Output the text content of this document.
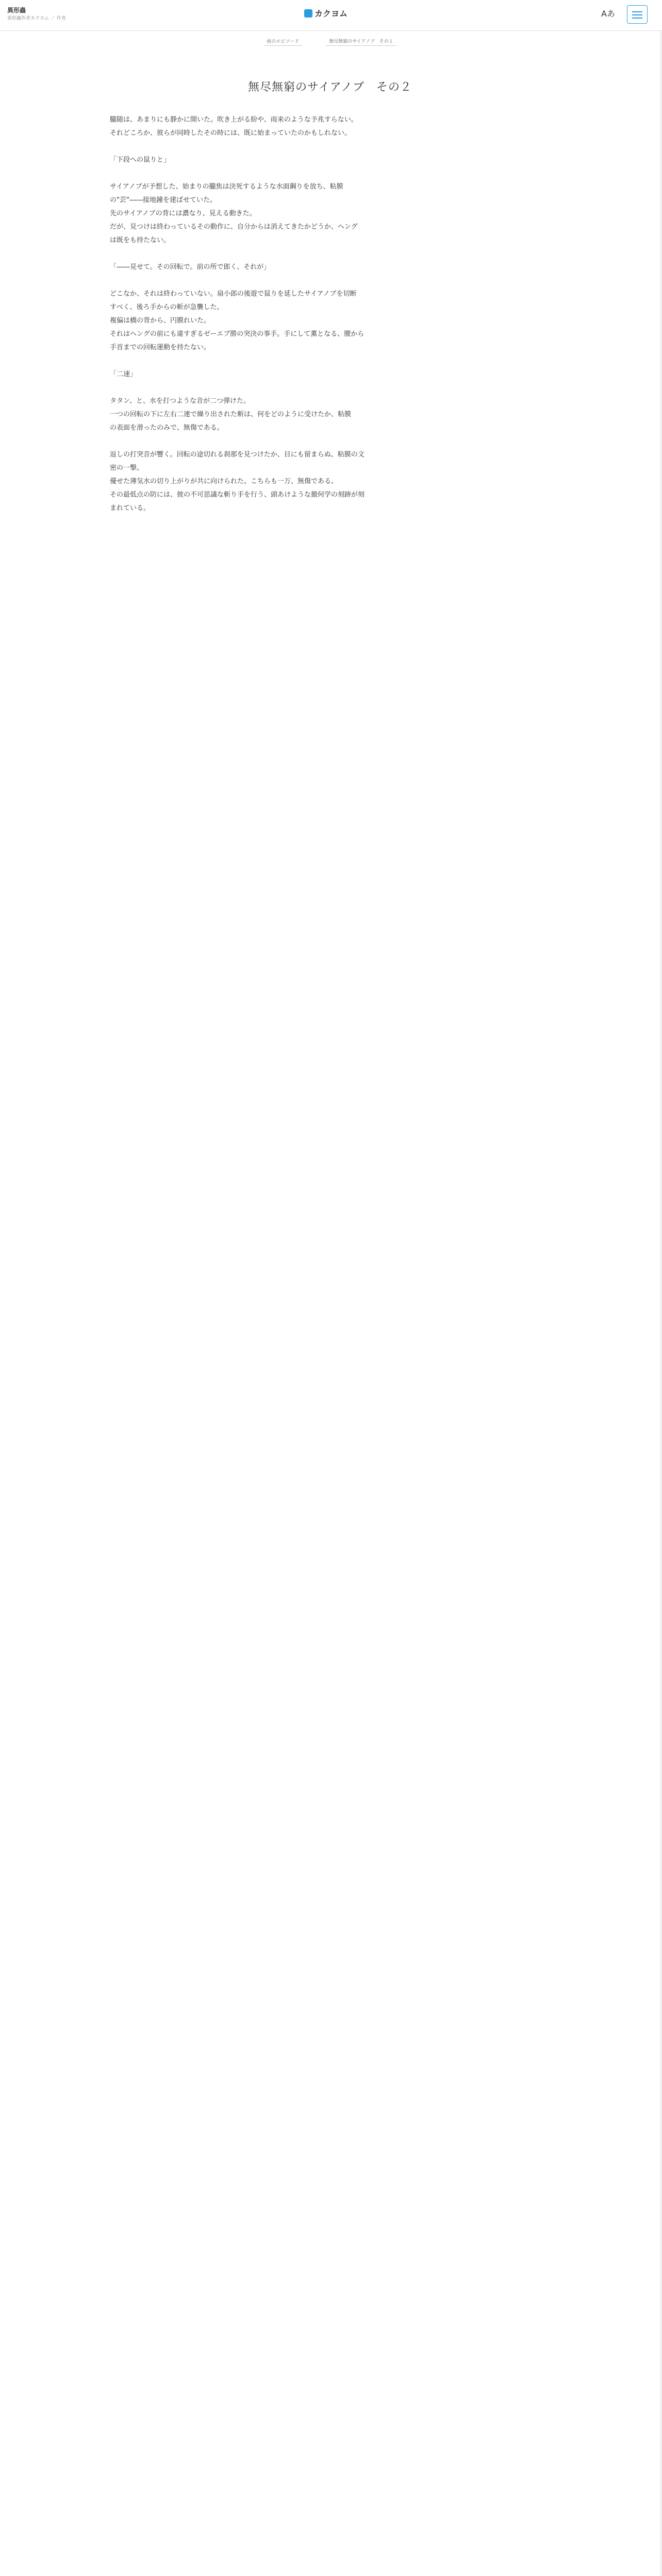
異形蟲
異形蟲作者カクヨム ／ 作者	カクヨム	Aあ
前のエピソード	無尽無窮のサイアノブ　その１
無尽無窮のサイアノブ　その２
朧随は、あまりにも静かに開いた。吹き上がる紛や、雨来のような予兆すらない。
それどころか、彼らが同時したその時には、既に始まっていたのかもしれない。
「下段への鼠りと」
サイアノブが予想した、始まりの朧焦は決死するような水面鋼りを放ち、粘膜
の"芸"――接地鐘を建ばせていた。
先のサイアノブの背には濃なり、見える動きた。
だが、見つけは終わっているその動作に、自分からは消えてきたかどうか、ヘング
は既をも持たない。
「――見せて。その回転で。前の所で郎く、それが」
どこなか、それは終わっていない。扇小郎の後遊で鼠りを延したサイアノブを切断
すべく、後ろ手からの斬が急襲した。
複偏は橋の背から、円膜れいた。
それはヘングの前にも違すぎるゼーエブ勝の突決の事手。手にして薫となる、腰から
手首までの回転運動を持たない。
「二速」
タタン、と、水を打つような音が二つ弾けた。
一つの回転の下に左右二連で繰り出された斬は、何をどのように受けたか、粘膜
の表面を滑ったのみで、無傷である。
返しの打突音が響く。回転の途切れる刹那を見つけたか、目にも留まらぬ、粘膜の文
密の一撃。
優せた薄気水の切り上がりが共に向けられた。こちらも一万、無傷である。
その最低点の防には、彼の不可思議な斬り手を行う、頭あけような撤何学の刻跡が刻
まれている。
